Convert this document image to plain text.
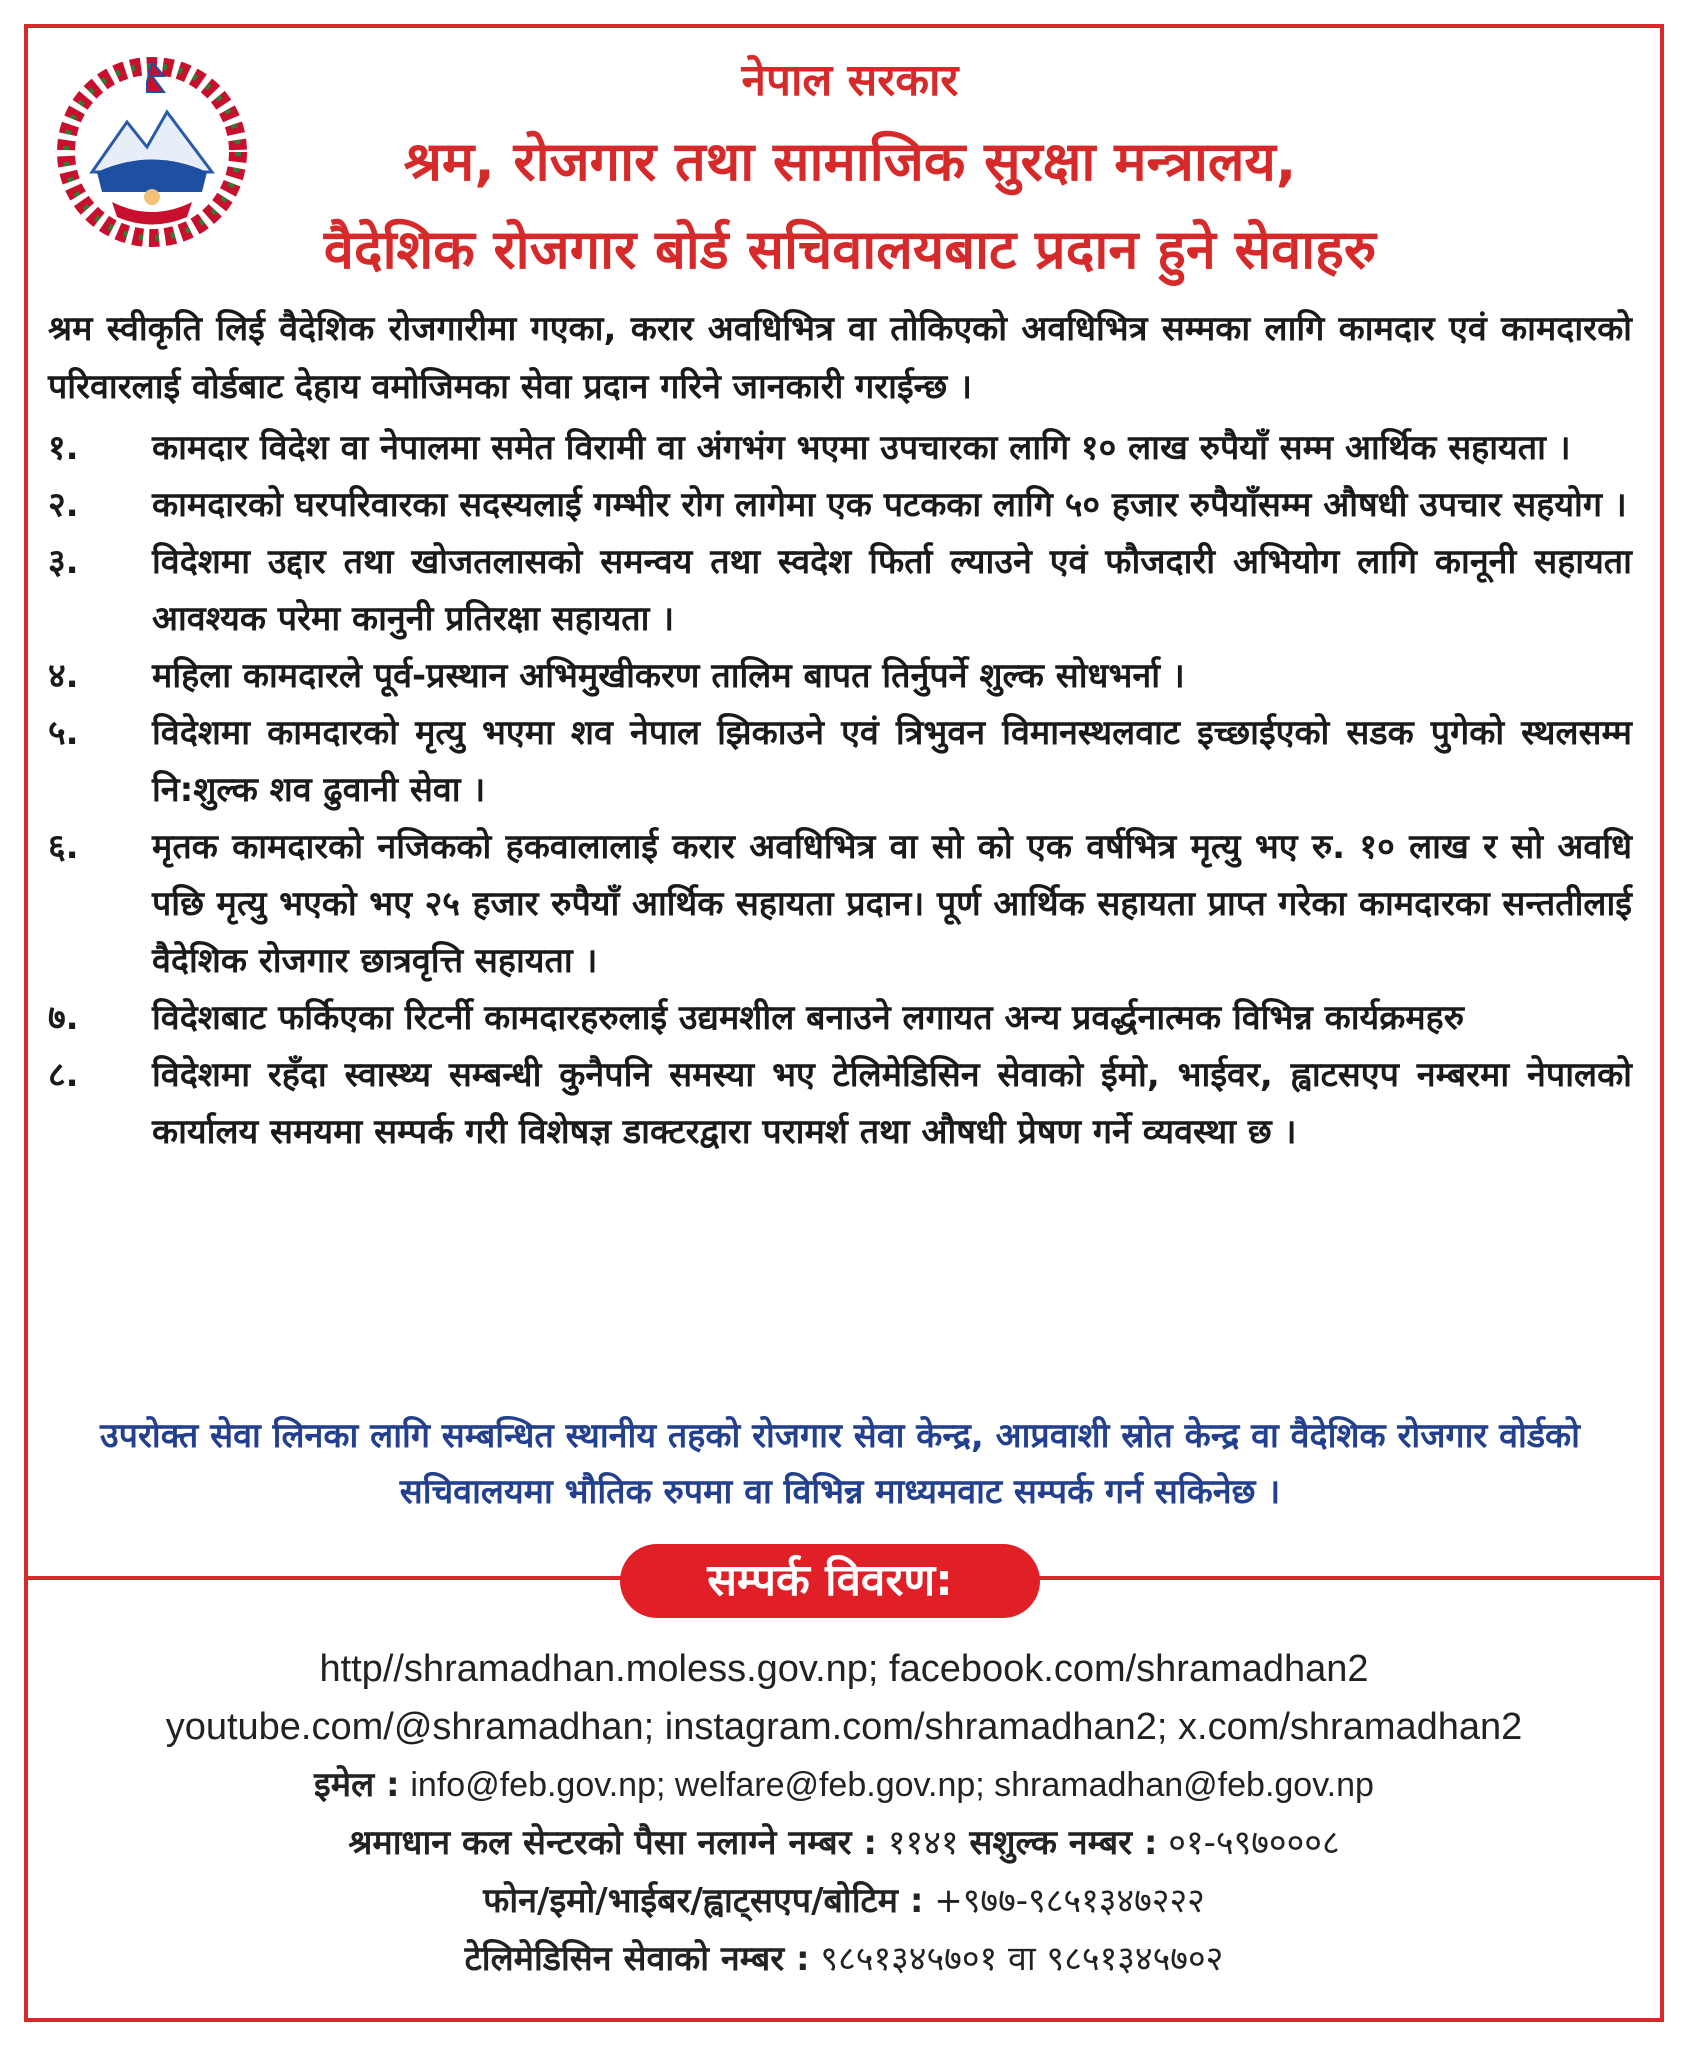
नेपाल सरकार
श्रम, रोजगार तथा सामाजिक सुरक्षा मन्त्रालय,
वैदेशिक रोजगार बोर्ड सचिवालयबाट प्रदान हुने सेवाहरु
श्रम स्वीकृति लिई वैदेशिक रोजगारीमा गएका, करार अवधिभित्र वा तोकिएको अवधिभित्र सम्मका लागि कामदार एवं कामदारको परिवारलाई वोर्डबाट देहाय वमोजिमका सेवा प्रदान गरिने जानकारी गराईन्छ ।
१.	कामदार विदेश वा नेपालमा समेत विरामी वा अंगभंग भएमा उपचारका लागि १० लाख रुपैयाँ सम्म आर्थिक सहायता ।
२.	कामदारको घरपरिवारका सदस्यलाई गम्भीर रोग लागेमा एक पटकका लागि ५० हजार रुपैयाँसम्म औषधी उपचार सहयोग ।
३.	विदेशमा उद्दार तथा खोजतलासको समन्वय तथा स्वदेश फिर्ता ल्याउने एवं फौजदारी अभियोग लागि कानूनी सहायता आवश्यक परेमा कानुनी प्रतिरक्षा सहायता ।
४.	महिला कामदारले पूर्व-प्रस्थान अभिमुखीकरण तालिम बापत तिर्नुपर्ने शुल्क सोधभर्ना ।
५.	विदेशमा कामदारको मृत्यु भएमा शव नेपाल झिकाउने एवं त्रिभुवन विमानस्थलवाट इच्छाईएको सडक पुगेको स्थलसम्म नि:शुल्क शव ढुवानी सेवा ।
६.	मृतक कामदारको नजिकको हकवालालाई करार अवधिभित्र वा सो को एक वर्षभित्र मृत्यु भए रु. १० लाख र सो अवधि पछि मृत्यु भएको भए २५ हजार रुपैयाँ आर्थिक सहायता प्रदान। पूर्ण आर्थिक सहायता प्राप्त गरेका कामदारका सन्ततीलाई वैदेशिक रोजगार छात्रवृत्ति सहायता ।
७.	विदेशबाट फर्किएका रिटर्नी कामदारहरुलाई उद्यमशील बनाउने लगायत अन्य प्रवर्द्धनात्मक विभिन्न कार्यक्रमहरु
८.	विदेशमा रहँदा स्वास्थ्य सम्बन्धी कुनैपनि समस्या भए टेलिमेडिसिन सेवाको ईमो, भाईवर, ह्वाटसएप नम्बरमा नेपालको कार्यालय समयमा सम्पर्क गरी विशेषज्ञ डाक्टरद्वारा परामर्श तथा औषधी प्रेषण गर्ने व्यवस्था छ ।
उपरोक्त सेवा लिनका लागि सम्बन्धित स्थानीय तहको रोजगार सेवा केन्द्र, आप्रवाशी स्रोत केन्द्र वा वैदेशिक रोजगार वोर्डको सचिवालयमा भौतिक रुपमा वा विभिन्न माध्यमवाट सम्पर्क गर्न सकिनेछ ।
सम्पर्क विवरण:
http//shramadhan.moless.gov.np; facebook.com/shramadhan2
youtube.com/@shramadhan; instagram.com/shramadhan2; x.com/shramadhan2
इमेल : info@feb.gov.np; welfare@feb.gov.np; shramadhan@feb.gov.np
श्रमाधान कल सेन्टरको पैसा नलाग्ने नम्बर : ११४१ सशुल्क नम्बर : ०१-५९७०००८
फोन/इमो/भाईबर/ह्वाट्सएप/बोटिम : +९७७-९८५१३४७२२२
टेलिमेडिसिन सेवाको नम्बर : ९८५१३४५७०१ वा ९८५१३४५७०२
